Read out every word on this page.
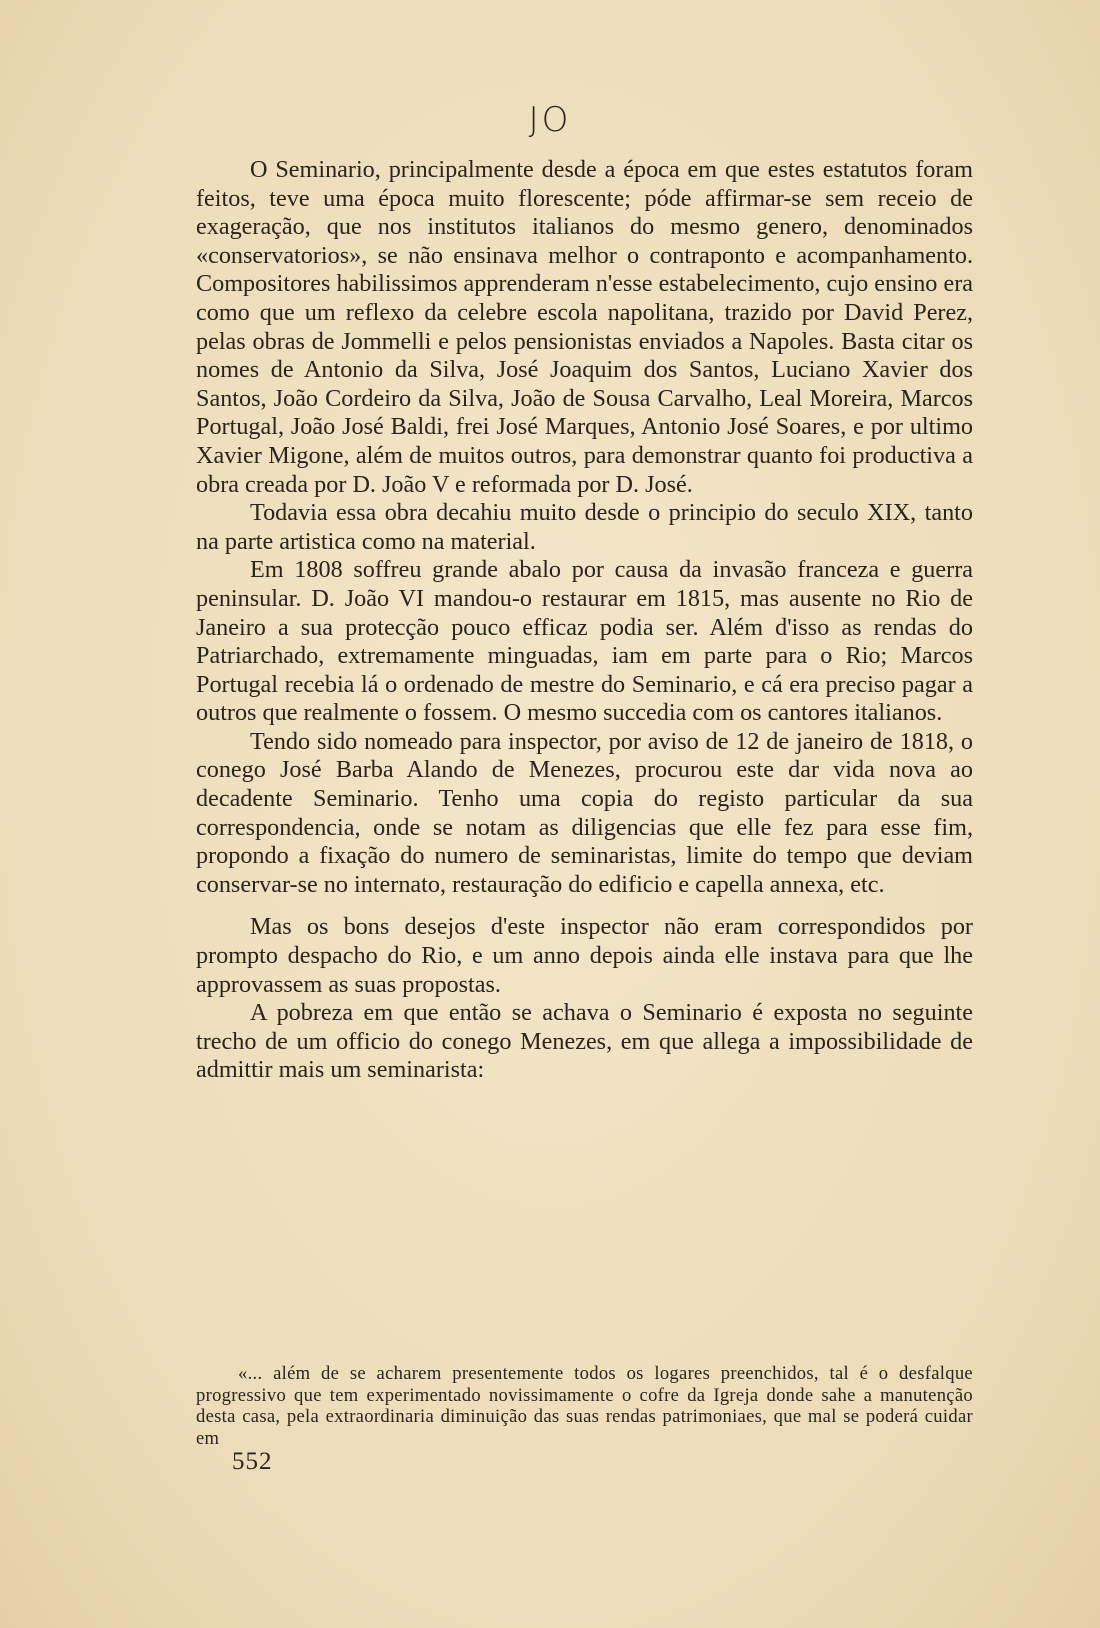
JO

O Seminario, principalmente desde a época em que estes estatutos foram feitos, teve uma época muito florescente; póde affirmar-se sem receio de exageração, que nos institutos italianos do mesmo genero, denominados «conservatorios», se não ensinava melhor o contraponto e acompanhamento. Compositores habilissimos apprenderam n'esse estabelecimento, cujo ensino era como que um reflexo da celebre escola napolitana, trazido por David Perez, pelas obras de Jommelli e pelos pensionistas enviados a Napoles. Basta citar os nomes de Antonio da Silva, José Joaquim dos Santos, Luciano Xavier dos Santos, João Cordeiro da Silva, João de Sousa Carvalho, Leal Moreira, Marcos Portugal, João José Baldi, frei José Marques, Antonio José Soares, e por ultimo Xavier Migone, além de muitos outros, para demonstrar quanto foi productiva a obra creada por D. João V e reformada por D. José.

Todavia essa obra decahiu muito desde o principio do seculo XIX, tanto na parte artistica como na material.

Em 1808 soffreu grande abalo por causa da invasão franceza e guerra peninsular. D. João VI mandou-o restaurar em 1815, mas ausente no Rio de Janeiro a sua protecção pouco efficaz podia ser. Além d'isso as rendas do Patriarchado, extremamente minguadas, iam em parte para o Rio; Marcos Portugal recebia lá o ordenado de mestre do Seminario, e cá era preciso pagar a outros que realmente o fossem. O mesmo succedia com os cantores italianos.

Tendo sido nomeado para inspector, por aviso de 12 de janeiro de 1818, o conego José Barba Alando de Menezes, procurou este dar vida nova ao decadente Seminario. Tenho uma copia do registo particular da sua correspondencia, onde se notam as diligencias que elle fez para esse fim, propondo a fixação do numero de seminaristas, limite do tempo que deviam conservar-se no internato, restauração do edificio e capella annexa, etc.

Mas os bons desejos d'este inspector não eram correspondidos por prompto despacho do Rio, e um anno depois ainda elle instava para que lhe approvassem as suas propostas.

A pobreza em que então se achava o Seminario é exposta no seguinte trecho de um officio do conego Menezes, em que allega a impossibilidade de admittir mais um seminarista:

«... além de se acharem presentemente todos os logares preenchidos, tal é o desfalque progressivo que tem experimentado novissimamente o cofre da Igreja donde sahe a manutenção desta casa, pela extraordinaria diminuição das suas rendas patrimoniaes, que mal se poderá cuidar em

552
